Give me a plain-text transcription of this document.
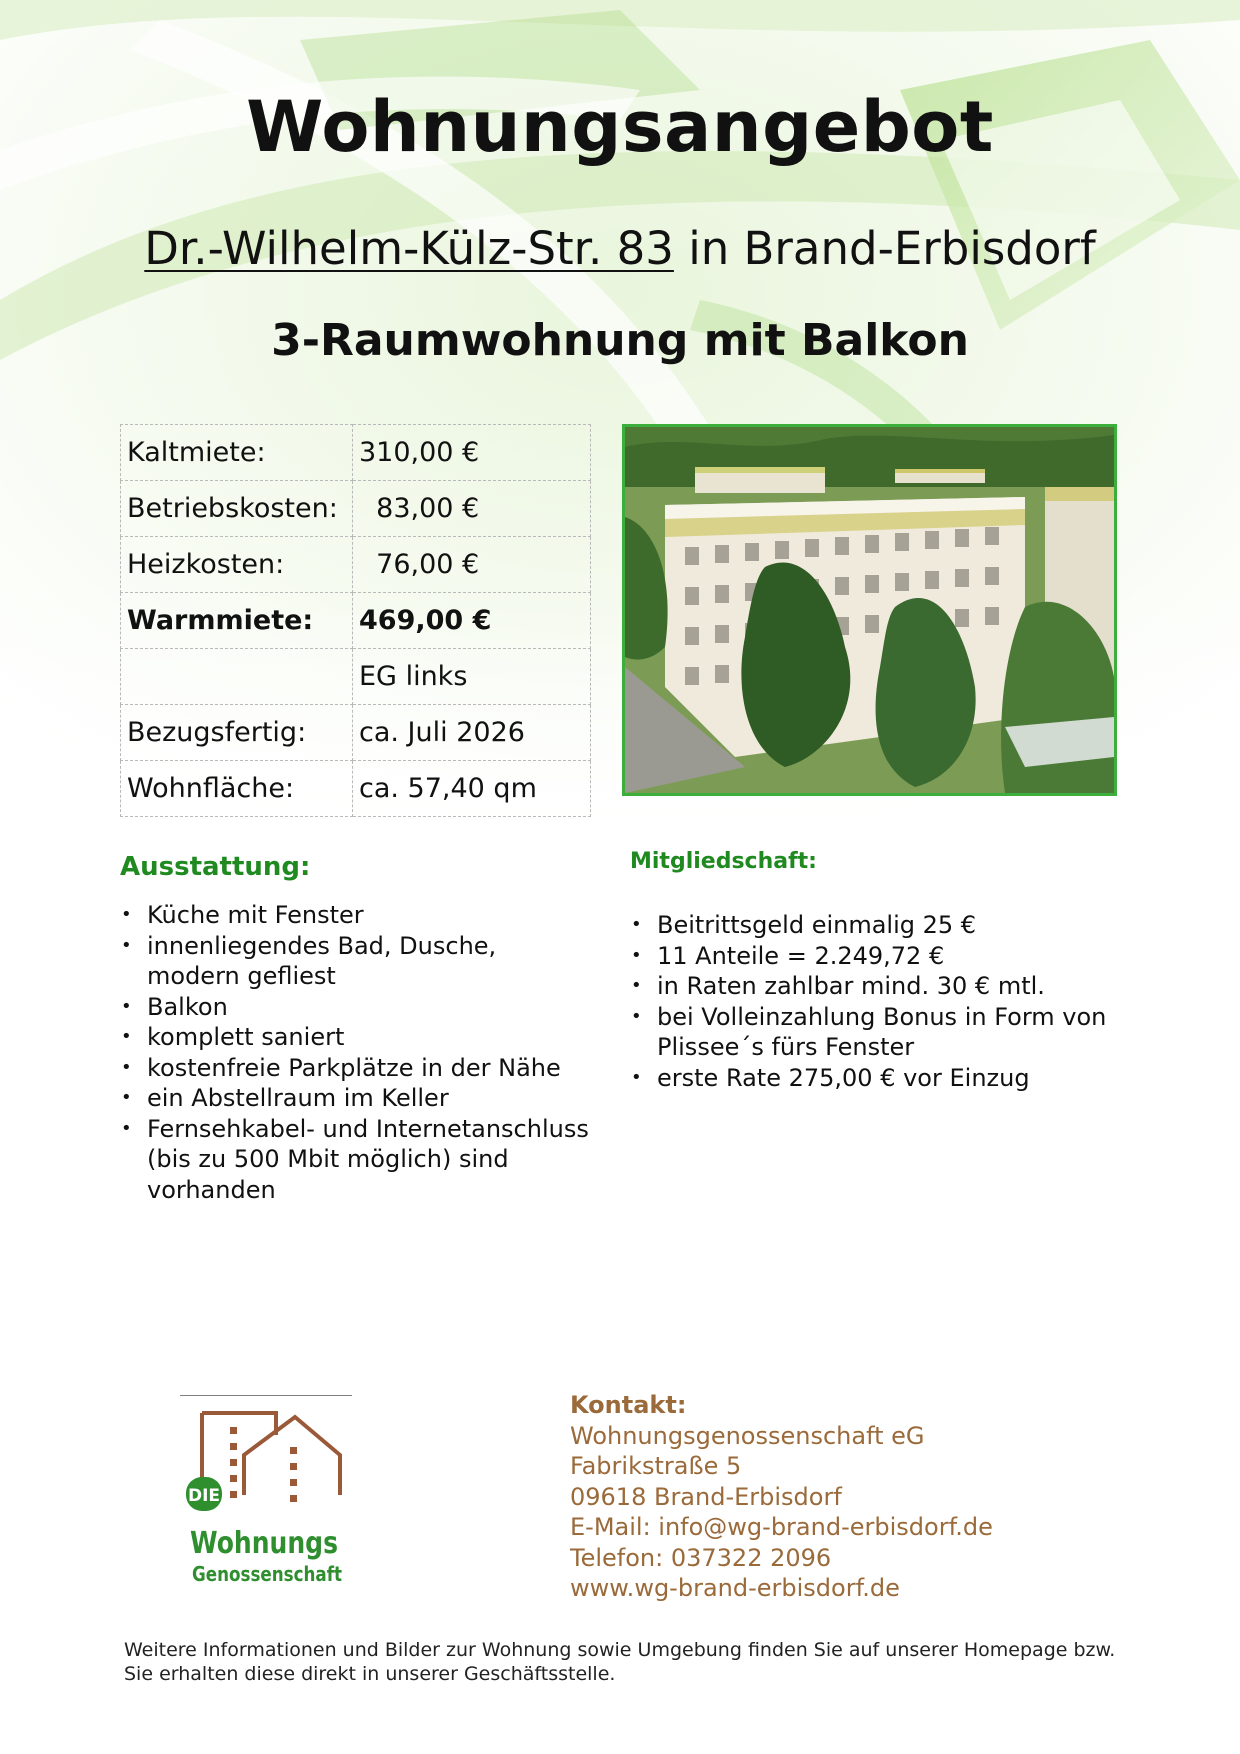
Wohnungsangebot
Dr.-Wilhelm-Külz-Str. 83 in Brand-Erbisdorf
3-Raumwohnung mit Balkon
Kaltmiete:	310,00 €
Betriebskosten:	83,00 €
Heizkosten:	76,00 €
Warmmiete:	469,00 €
	EG links
Bezugsfertig:	ca. Juli 2026
Wohnfläche:	ca. 57,40 qm
Ausstattung:
• Küche mit Fenster
• innenliegendes Bad, Dusche, modern gefliest
• Balkon
• komplett saniert
• kostenfreie Parkplätze in der Nähe
• ein Abstellraum im Keller
• Fernsehkabel- und Internetanschluss (bis zu 500 Mbit möglich) sind vorhanden
Mitgliedschaft:
• Beitrittsgeld einmalig 25 €
• 11 Anteile = 2.249,72 €
• in Raten zahlbar mind. 30 € mtl.
• bei Volleinzahlung Bonus in Form von Plissee´s fürs Fenster
• erste Rate 275,00 € vor Einzug
DIE
Wohnungs
Genossenschaft
Kontakt:
Wohnungsgenossenschaft eG
Fabrikstraße 5
09618 Brand-Erbisdorf
E-Mail: info@wg-brand-erbisdorf.de
Telefon: 037322 2096
www.wg-brand-erbisdorf.de
Weitere Informationen und Bilder zur Wohnung sowie Umgebung finden Sie auf unserer Homepage bzw. Sie erhalten diese direkt in unserer Geschäftsstelle.
